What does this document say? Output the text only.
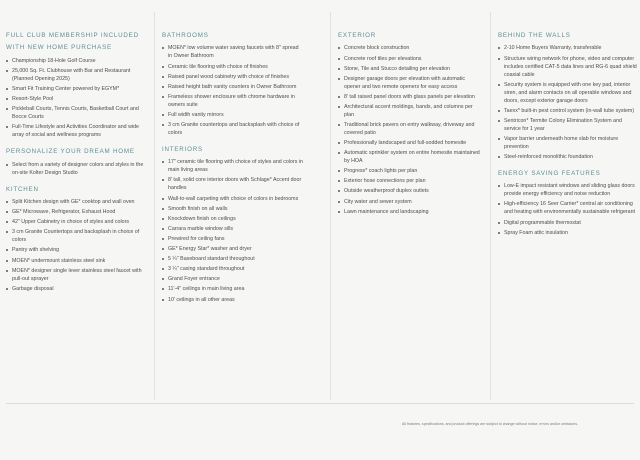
FULL CLUB MEMBERSHIP INCLUDED
WITH NEW HOME PURCHASE
Championship 18-Hole Golf Course
25,000 Sq. Ft. Clubhouse with Bar and Restaurant (Planned Opening 2025)
Smart Fit Training Center powered by EGYM*
Resort-Style Pool
Pickleball Courts, Tennis Courts, Basketball Court and Bocce Courts
Full-Time Lifestyle and Activities Coordinator and wide array of social and wellness programs
PERSONALIZE YOUR DREAM HOME
Select from a variety of designer colors and styles in the on-site Kolter Design Studio
KITCHEN
Split Kitchen design with GE* cooktop and wall oven
GE* Microwave, Refrigerator, Exhaust Hood
42" Upper Cabinetry in choice of styles and colors
3 cm Granite Countertops and backsplash in choice of colors
Pantry with shelving
MOEN* undermount stainless steel sink
MOEN* designer single lever stainless steel faucet with pull-out sprayer
Garbage disposal
BATHROOMS
MOEN* low volume water saving faucets with 8" spread in Owner Bathroom
Ceramic tile flooring with choice of finishes
Raised panel wood cabinetry with choice of finishes
Raised height bath vanity counters in Owner Bathroom
Frameless shower enclosure with chrome hardware in owners suite
Full width vanity mirrors
3 cm Granite countertops and backsplash with choice of colors
INTERIORS
17" ceramic tile flooring with choice of styles and colors in main living areas
8' tall, solid core interior doors with Schlage* Accent door handles
Wall-to-wall carpeting with choice of colors in bedrooms
Smooth finish on all walls
Knockdown finish on ceilings
Carrara marble window sills
Prewired for ceiling fans
GE* Energy Star* washer and dryer
5 ¼" Baseboard standard throughout
3 ¼" casing standard throughout
Grand Foyer entrance
11'-4" ceilings in main living area
10' ceilings in all other areas
EXTERIOR
Concrete block construction
Concrete roof tiles per elevations
Stone, Tile and Stucco detailing per elevation
Designer garage doors per elevation with automatic opener and two remote openers for easy access
8' tall raised panel doors with glass panels per elevation
Architectural accent moldings, bands, and columns per plan
Traditional brick pavers on entry walkway, driveway and covered patio
Professionally landscaped and full-sodded homesite
Automatic sprinkler system on entire homesite maintained by HOA
Progress* coach lights per plan
Exterior hose connections per plan
Outside weatherproof duplex outlets
City water and sewer system
Lawn maintenance and landscaping
BEHIND THE WALLS
2-10 Home Buyers Warranty, transferable
Structure wiring network for phone, video and computer includes certified CAT-5 data lines and RG-6 quad shield coaxial cable
Security system is equipped with one key pad, interior siren, and alarm contacts on all operable windows and doors, except exterior garage doors
Taexx* built-in pest control system (in-wall tube system)
Sentricon* Termite Colony Elimination System and service for 1 year
Vapor barrier underneath home slab for moisture prevention
Steel-reinforced monolithic foundation
ENERGY SAVING FEATURES
Low-E impact resistant windows and sliding glass doors provide energy efficiency and noise reduction
High-efficiency 16 Seer Carrier* central air conditioning and heating with environmentally sustainable refrigerant
Digital programmable thermostat
Spray Foam attic insulation
All features, specifications, and product offerings are subject to change without notice, errors and/or omissions.
